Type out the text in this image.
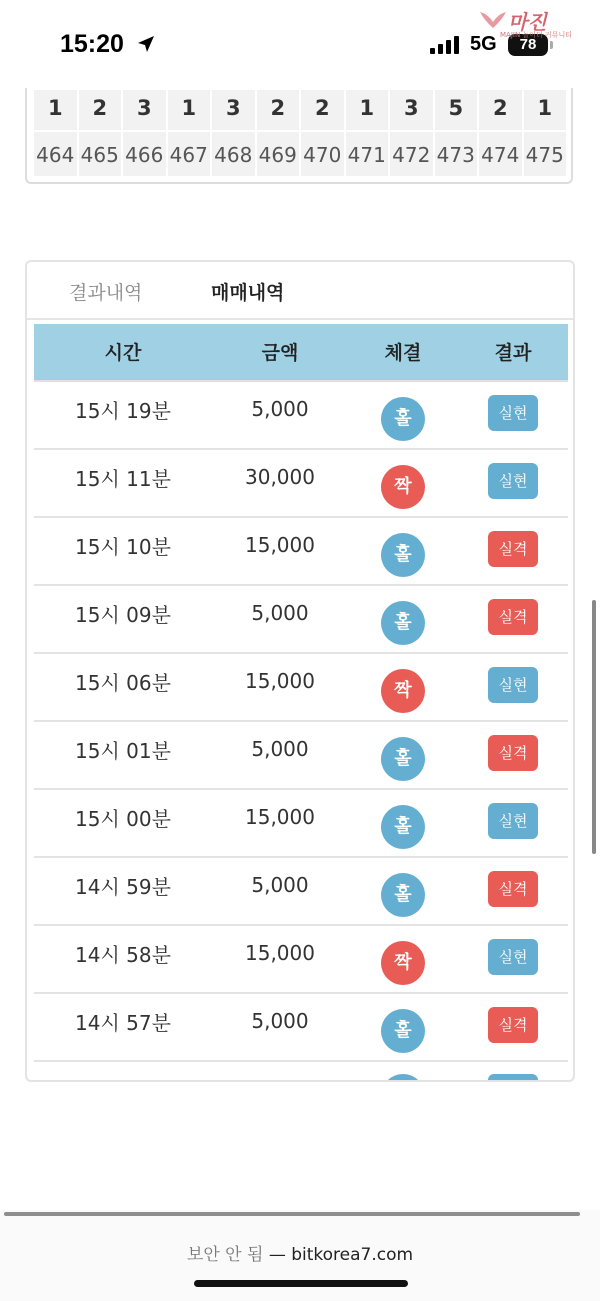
15:20	5G	78
마진
MAJIN 놀이터 커뮤니티
1	2	3	1	3	2	2	1	3	5	2	1
464 465 466 467 468 469 470 471 472 473 474 475
결과내역	매매내역
시간	금액	체결	결과
15시 19분	5,000	홀	실현
15시 11분	30,000	짝	실현
15시 10분	15,000	홀	실격
15시 09분	5,000	홀	실격
15시 06분	15,000	짝	실현
15시 01분	5,000	홀	실격
15시 00분	15,000	홀	실현
14시 59분	5,000	홀	실격
14시 58분	15,000	짝	실현
14시 57분	5,000	홀	실격
보안 안 됨 — bitkorea7.com
